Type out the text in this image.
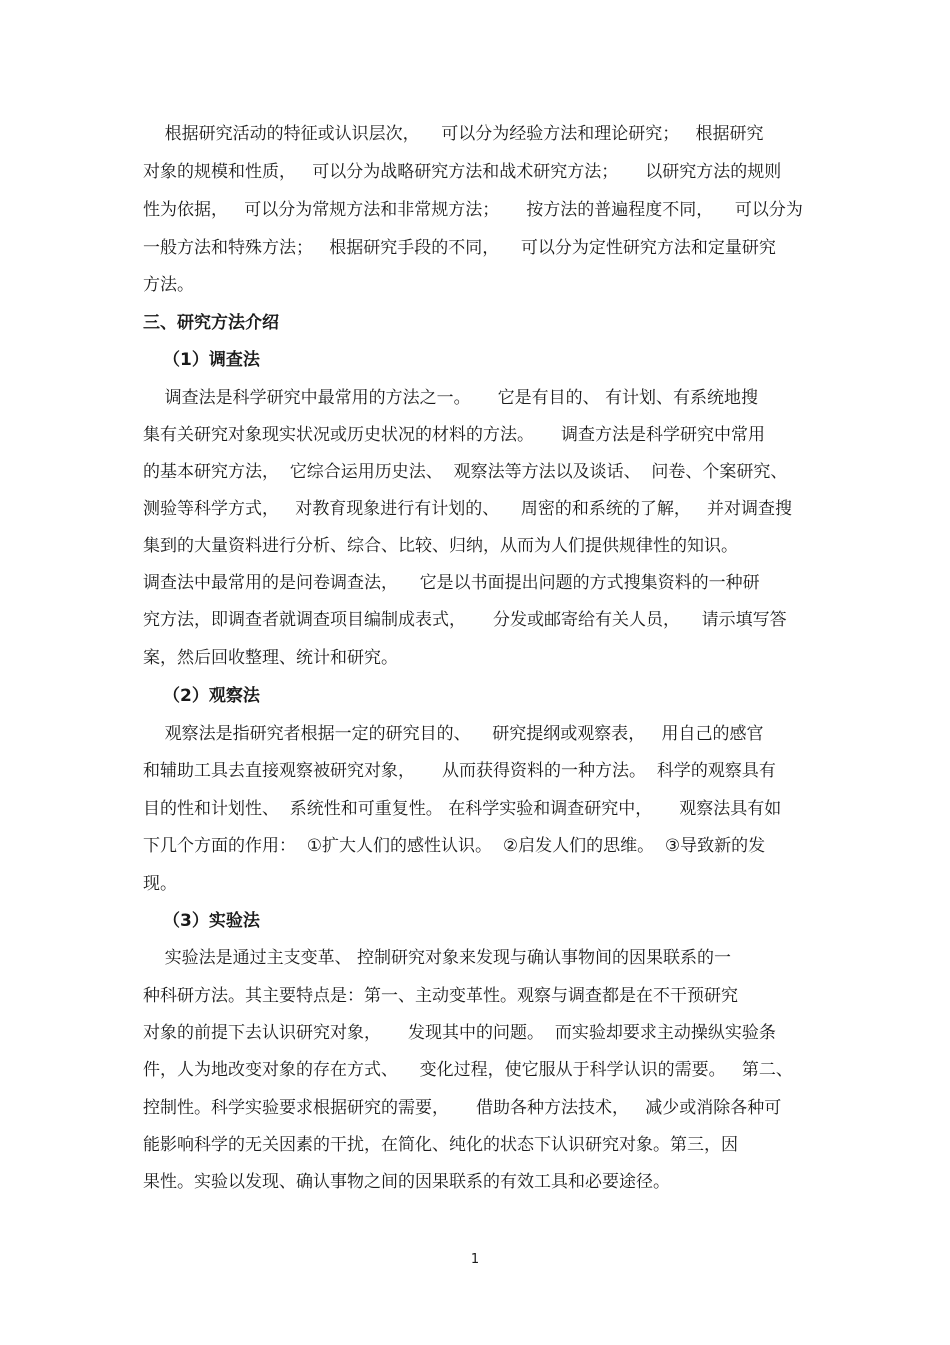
根据研究活动的特征或认识层次，    可以分为经验方法和理论研究；   根据研究

对象的规模和性质，   可以分为战略研究方法和战术研究方法；     以研究方法的规则

性为依据，   可以分为常规方法和非常规方法；     按方法的普遍程度不同，    可以分为

一般方法和特殊方法；   根据研究手段的不同，    可以分为定性研究方法和定量研究

方法。

三、研究方法介绍
（1）调查法

调查法是科学研究中最常用的方法之一。     它是有目的、 有计划、有系统地搜

集有关研究对象现实状况或历史状况的材料的方法。     调查方法是科学研究中常用

的基本研究方法，  它综合运用历史法、  观察法等方法以及谈话、  问卷、个案研究、

测验等科学方式，   对教育现象进行有计划的、    周密的和系统的了解，   并对调查搜

集到的大量资料进行分析、综合、比较、归纳，从而为人们提供规律性的知识。

调查法中最常用的是问卷调查法，    它是以书面提出问题的方式搜集资料的一种研

究方法，即调查者就调查项目编制成表式，     分发或邮寄给有关人员，    请示填写答

案，然后回收整理、统计和研究。

（2）观察法

观察法是指研究者根据一定的研究目的、    研究提纲或观察表，   用自己的感官

和辅助工具去直接观察被研究对象，     从而获得资料的一种方法。  科学的观察具有

目的性和计划性、  系统性和可重复性。 在科学实验和调查研究中，     观察法具有如

下几个方面的作用：  ①扩大人们的感性认识。  ②启发人们的思维。  ③导致新的发

现。

（3）实验法

实验法是通过主支变革、 控制研究对象来发现与确认事物间的因果联系的一

种科研方法。其主要特点是：第一、主动变革性。观察与调查都是在不干预研究

对象的前提下去认识研究对象，     发现其中的问题。  而实验却要求主动操纵实验条

件，人为地改变对象的存在方式、    变化过程，使它服从于科学认识的需要。   第二、

控制性。科学实验要求根据研究的需要，     借助各种方法技术，   减少或消除各种可

能影响科学的无关因素的干扰，在简化、纯化的状态下认识研究对象。第三，因

果性。实验以发现、确认事物之间的因果联系的有效工具和必要途径。

1
